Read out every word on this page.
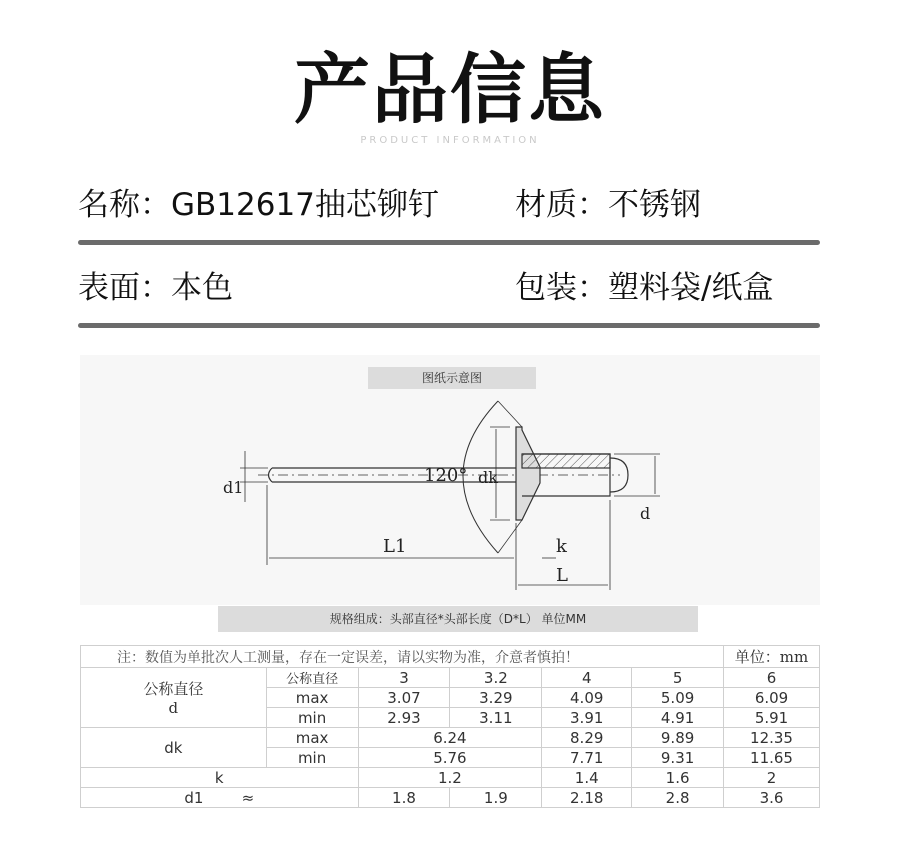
产品信息
PRODUCT INFORMATION
名称：GB12617抽芯铆钉 材质：不锈钢
表面：本色	包装：塑料袋/纸盒
图纸示意图
120° dk
d1
d
L1	k
L
规格组成：头部直径*头部长度（D*L） 单位MM
注：数值为单批次人工测量，存在一定误差，请以实物为准，介意者慎拍！						单位：mm
公称直径
d	公称直径	3	3.2	4	5	6
	max	3.07	3.29	4.09	5.09	6.09
	min	2.93	3.11	3.91	4.91	5.91
dk	max	6.24		8.29	9.89	12.35
	min	5.76		7.71	9.31	11.65
k		1.2		1.4	1.6	2
d1 ≈		1.8	1.9	2.18	2.8	3.6
